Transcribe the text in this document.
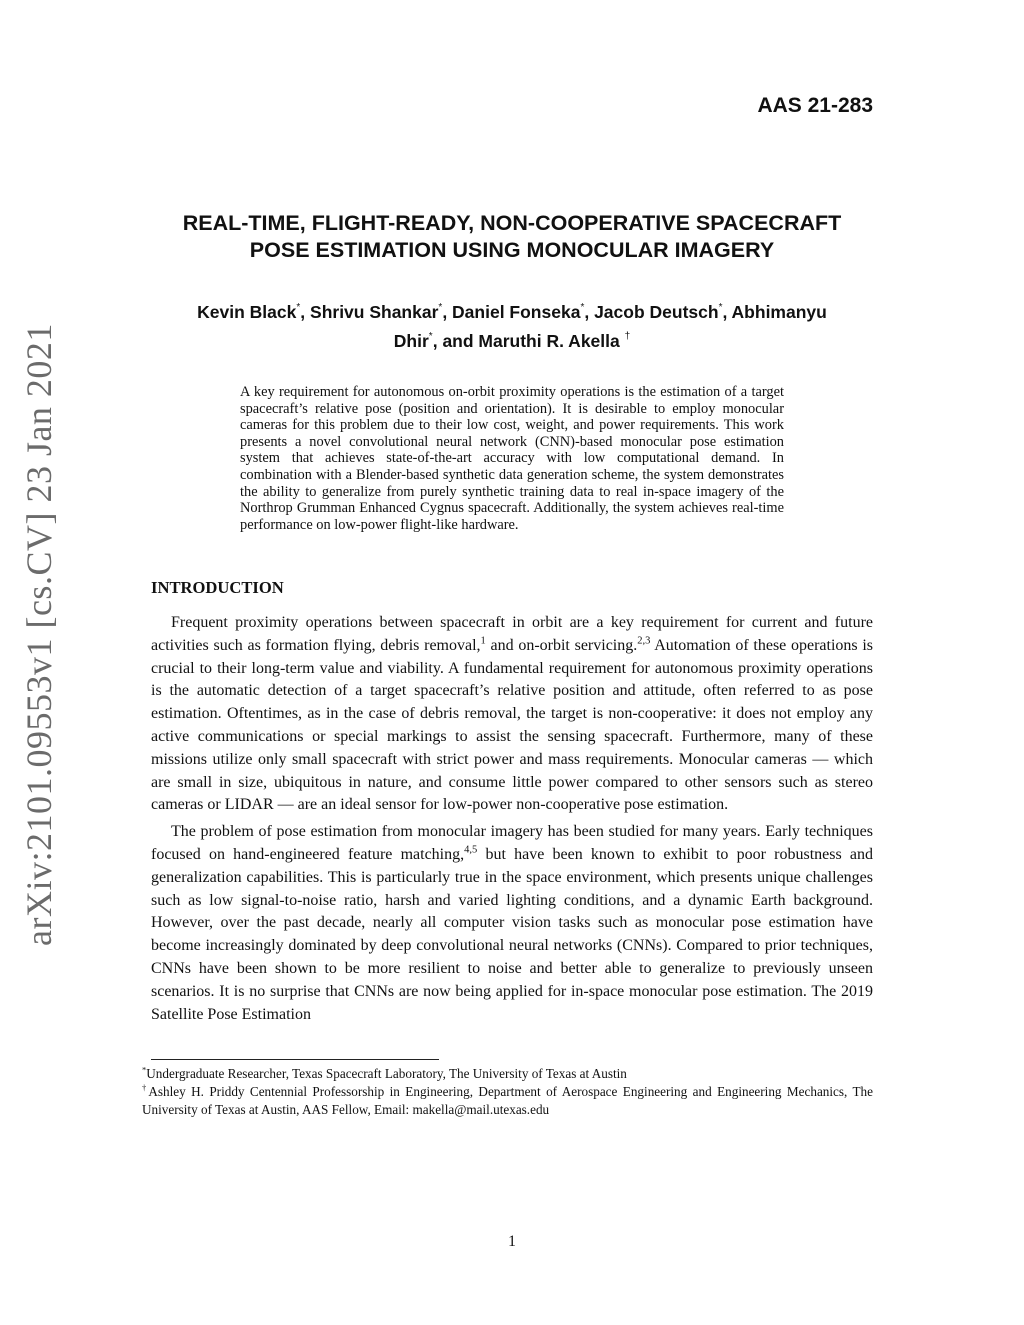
AAS 21-283
REAL-TIME, FLIGHT-READY, NON-COOPERATIVE SPACECRAFT
POSE ESTIMATION USING MONOCULAR IMAGERY
Kevin Black*, Shrivu Shankar*, Daniel Fonseka*, Jacob Deutsch*, Abhimanyu
Dhir*, and Maruthi R. Akella †
arXiv:2101.09553v1 [cs.CV] 23 Jan 2021	A key requirement for autonomous on-orbit proximity operations is the estimation of a target spacecraft’s relative pose (position and orientation). It is desirable to employ monocular cameras for this problem due to their low cost, weight, and power requirements. This work presents a novel convolutional neural network (CNN)-based monocular pose estimation system that achieves state-of-the-art accuracy with low computational demand. In combination with a Blender-based synthetic data generation scheme, the system demonstrates the ability to generalize from purely synthetic training data to real in-space imagery of the Northrop Grumman Enhanced Cygnus spacecraft. Additionally, the system achieves real-time performance on low-power flight-like hardware.
INTRODUCTION

Frequent proximity operations between spacecraft in orbit are a key requirement for current and future activities such as formation flying, debris removal,$^1$ and on-orbit servicing.$^{2,3}$ Automation of these operations is crucial to their long-term value and viability. A fundamental requirement for autonomous proximity operations is the automatic detection of a target spacecraft’s relative position and attitude, often referred to as pose estimation. Oftentimes, as in the case of debris removal, the target is non-cooperative: it does not employ any active communications or special markings to assist the sensing spacecraft. Furthermore, many of these missions utilize only small spacecraft with strict power and mass requirements. Monocular cameras — which are small in size, ubiquitous in nature, and consume little power compared to other sensors such as stereo cameras or LIDAR — are an ideal sensor for low-power non-cooperative pose estimation.

The problem of pose estimation from monocular imagery has been studied for many years. Early techniques focused on hand-engineered feature matching,$^{4,5}$ but have been known to exhibit to poor robustness and generalization capabilities. This is particularly true in the space environment, which presents unique challenges such as low signal-to-noise ratio, harsh and varied lighting conditions, and a dynamic Earth background. However, over the past decade, nearly all computer vision tasks such as monocular pose estimation have become increasingly dominated by deep convolutional neural networks (CNNs). Compared to prior techniques, CNNs have been shown to be more resilient to noise and better able to generalize to previously unseen scenarios. It is no surprise that CNNs are now being applied for in-space monocular pose estimation. The 2019 Satellite Pose Estimation

*Undergraduate Researcher, Texas Spacecraft Laboratory, The University of Texas at Austin
†Ashley H. Priddy Centennial Professorship in Engineering, Department of Aerospace Engineering and Engineering Mechanics, The University of Texas at Austin, AAS Fellow, Email: makella@mail.utexas.edu
1
